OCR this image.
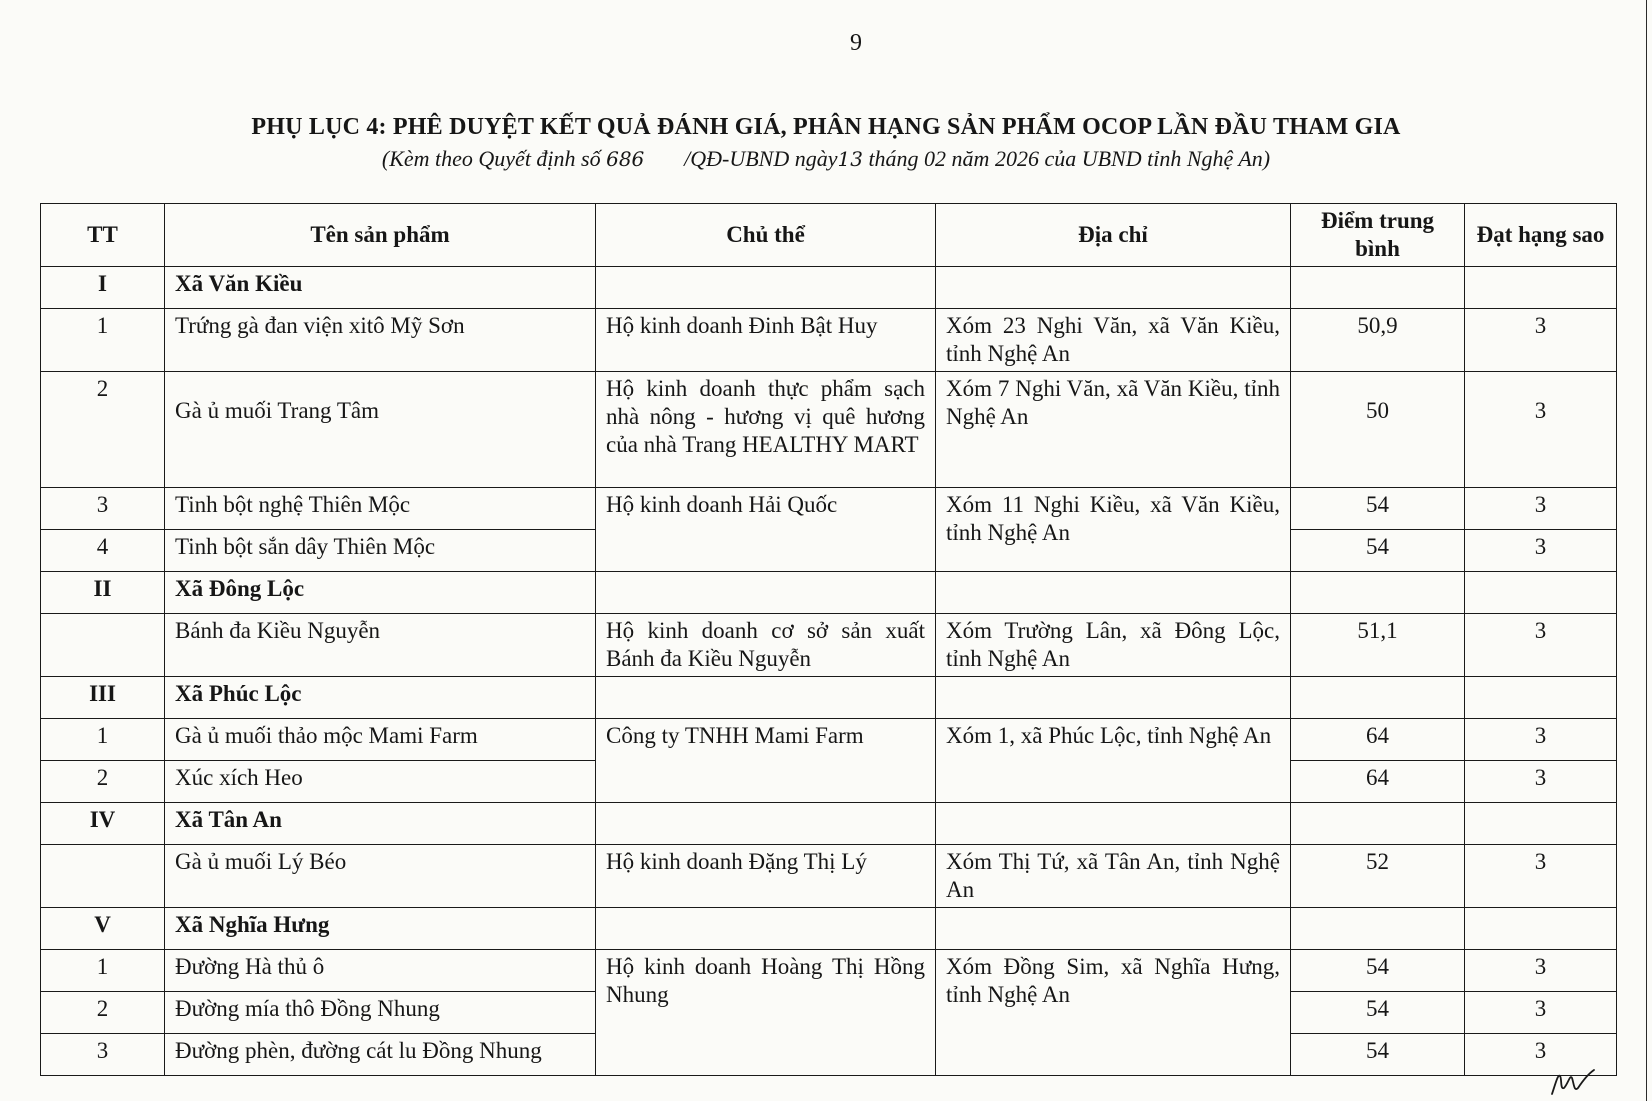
9
PHỤ LỤC 4: PHÊ DUYỆT KẾT QUẢ ĐÁNH GIÁ, PHÂN HẠNG SẢN PHẨM OCOP LẦN ĐẦU THAM GIA
(Kèm theo Quyết định số 686 /QĐ-UBND ngày13 tháng 02 năm 2026 của UBND tỉnh Nghệ An)
TT	Tên sản phẩm	Chủ thể	Địa chỉ	Điểm trung bình	Đạt hạng sao
I	Xã Văn Kiều				
1	Trứng gà đan viện xitô Mỹ Sơn	Hộ kinh doanh Đinh Bật Huy	Xóm 23 Nghi Văn, xã Văn Kiều, tỉnh Nghệ An	50,9	3
2	Gà ủ muối Trang Tâm	Hộ kinh doanh thực phẩm sạch nhà nông - hương vị quê hương của nhà Trang HEALTHY MART	Xóm 7 Nghi Văn, xã Văn Kiều, tỉnh Nghệ An	50	3
3	Tinh bột nghệ Thiên Mộc	Hộ kinh doanh Hải Quốc	Xóm 11 Nghi Kiều, xã Văn Kiều, tỉnh Nghệ An	54	3
4	Tinh bột sắn dây Thiên Mộc			54	3
II	Xã Đông Lộc				
	Bánh đa Kiều Nguyễn	Hộ kinh doanh cơ sở sản xuất Bánh đa Kiều Nguyễn	Xóm Trường Lân, xã Đông Lộc, tỉnh Nghệ An	51,1	3
III	Xã Phúc Lộc				
1	Gà ủ muối thảo mộc Mami Farm	Công ty TNHH Mami Farm	Xóm 1, xã Phúc Lộc, tỉnh Nghệ An	64	3
2	Xúc xích Heo			64	3
IV	Xã Tân An				
	Gà ủ muối Lý Béo	Hộ kinh doanh Đặng Thị Lý	Xóm Thị Tứ, xã Tân An, tỉnh Nghệ An	52	3
V	Xã Nghĩa Hưng				
1	Đường Hà thủ ô	Hộ kinh doanh Hoàng Thị Hồng Nhung	Xóm Đồng Sim, xã Nghĩa Hưng, tỉnh Nghệ An	54	3
2	Đường mía thô Đồng Nhung			54	3
3	Đường phèn, đường cát lu Đồng Nhung			54	3
